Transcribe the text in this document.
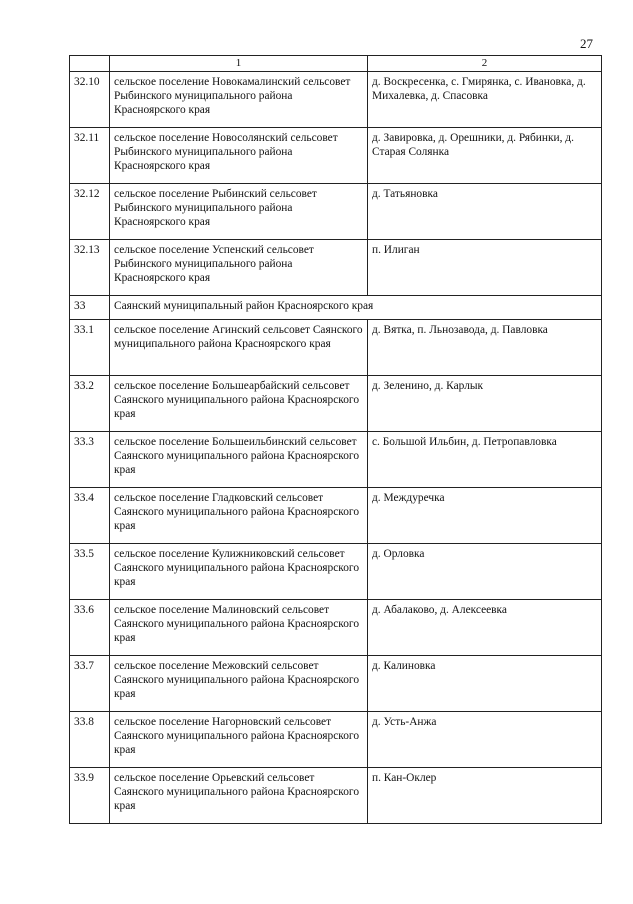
27
	1	2
32.10	сельское поселение Новокамалинский сельсовет Рыбинского муниципального района Красноярского края	д. Воскресенка, с. Гмирянка, с. Ивановка, д. Михалевка, д. Спасовка
32.11	сельское поселение Новосолянский сельсовет Рыбинского муниципального района Красноярского края	д. Завировка, д. Орешники, д. Рябинки, д. Старая Солянка
32.12	сельское поселение Рыбинский сельсовет Рыбинского муниципального района Красноярского края	д. Татьяновка
32.13	сельское поселение Успенский сельсовет Рыбинского муниципального района Красноярского края	п. Илиган
33	Саянский муниципальный район Красноярского края	
33.1	сельское поселение Агинский сельсовет Саянского муниципального района Красноярского края	д. Вятка, п. Льнозавода, д. Павловка
33.2	сельское поселение Большеарбайский сельсовет Саянского муниципального района Красноярского края	д. Зеленино, д. Карлык
33.3	сельское поселение Большеильбинский сельсовет Саянского муниципального района Красноярского края	с. Большой Ильбин, д. Петропавловка
33.4	сельское поселение Гладковский сельсовет Саянского муниципального района Красноярского края	д. Междуречка
33.5	сельское поселение Кулижниковский сельсовет Саянского муниципального района Красноярского края	д. Орловка
33.6	сельское поселение Малиновский сельсовет Саянского муниципального района Красноярского края	д. Абалаково, д. Алексеевка
33.7	сельское поселение Межовский сельсовет Саянского муниципального района Красноярского края	д. Калиновка
33.8	сельское поселение Нагорновский сельсовет Саянского муниципального района Красноярского края	д. Усть-Анжа
33.9	сельское поселение Орьевский сельсовет Саянского муниципального района Красноярского края	п. Кан-Оклер
